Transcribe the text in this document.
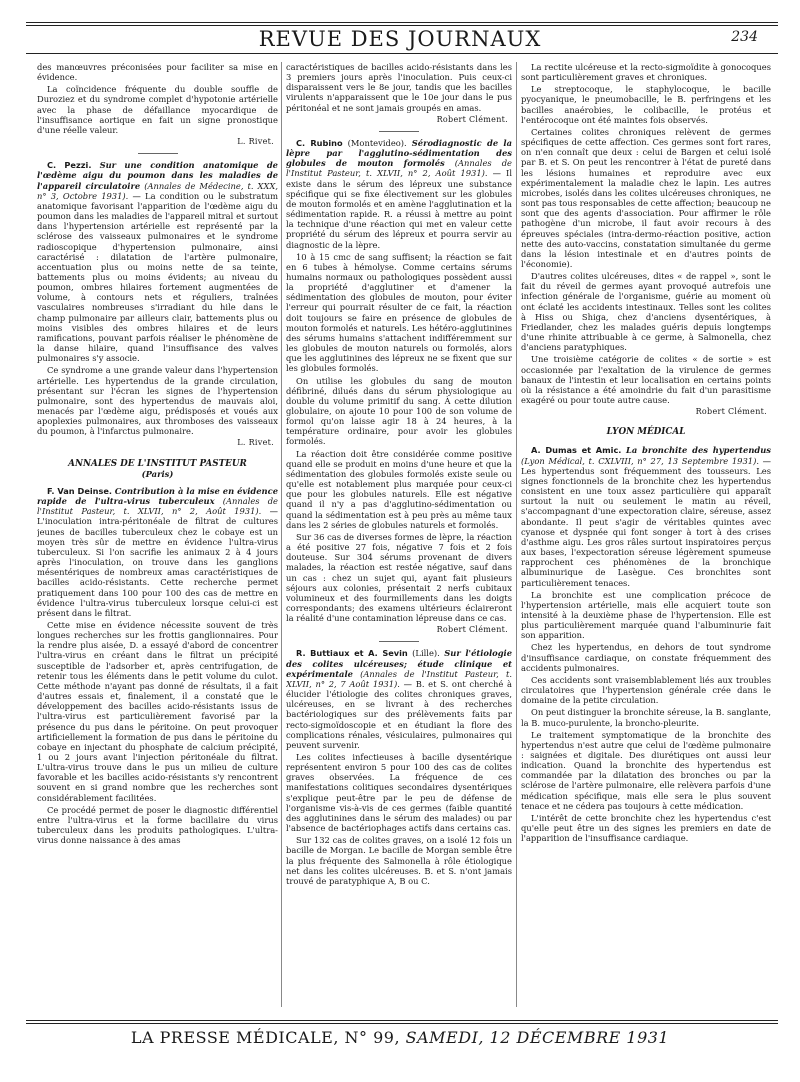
REVUE DES JOURNAUX	234

des manœuvres préconisées pour faciliter sa mise en évidence.

La coïncidence fréquente du double souffle de Duroziez et du syndrome complet d'hypotonie artérielle avec la phase de défaillance myocardique de l'insuffisance aortique en fait un signe pronostique d'une réelle valeur.

L. Rivet.

C. Pezzi. Sur une condition anatomique de l'œdème aigu du poumon dans les maladies de l'appareil circulatoire (Annales de Médecine, t. XXX, n° 3, Octobre 1931). — La condition ou le substratum anatomique favorisant l'apparition de l'œdème aigu du poumon dans les maladies de l'appareil mitral et surtout dans l'hypertension artérielle est représenté par la sclérose des vaisseaux pulmonaires et le syndrome radioscopique d'hypertension pulmonaire, ainsi caractérisé : dilatation de l'artère pulmonaire, accentuation plus ou moins nette de sa teinte, battements plus ou moins évidents; au niveau du poumon, ombres hilaires fortement augmentées de volume, à contours nets et réguliers, traînées vasculaires nombreuses s'irradiant du hile dans le champ pulmonaire par ailleurs clair, battements plus ou moins visibles des ombres hilaires et de leurs ramifications, pouvant parfois réaliser le phénomène de la danse hilaire, quand l'insuffisance des valves pulmonaires s'y associe.

Ce syndrome a une grande valeur dans l'hypertension artérielle. Les hypertendus de la grande circulation, présentant sur l'écran les signes de l'hypertension pulmonaire, sont des hypertendus de mauvais aloi, menacés par l'œdème aigu, prédisposés et voués aux apoplexies pulmonaires, aux thromboses des vaisseaux du poumon, à l'infarctus pulmonaire.

L. Rivet.
ANNALES DE L'INSTITUT PASTEUR
(Paris)

F. Van Deinse. Contribution à la mise en évidence rapide de l'ultra-virus tuberculeux (Annales de l'Institut Pasteur, t. XLVII, n° 2, Août 1931). — L'inoculation intra-péritonéale de filtrat de cultures jeunes de bacilles tuberculeux chez le cobaye est un moyen très sûr de mettre en évidence l'ultra-virus tuberculeux. Si l'on sacrifie les animaux 2 à 4 jours après l'inoculation, on trouve dans les ganglions mésentériques de nombreux amas caractéristiques de bacilles acido-résistants. Cette recherche permet pratiquement dans 100 pour 100 des cas de mettre en évidence l'ultra-virus tuberculeux lorsque celui-ci est présent dans le filtrat.

Cette mise en évidence nécessite souvent de très longues recherches sur les frottis ganglionnaires. Pour la rendre plus aisée, D. a essayé d'abord de concentrer l'ultra-virus en créant dans le filtrat un précipité susceptible de l'adsorber et, après centrifugation, de retenir tous les éléments dans le petit volume du culot. Cette méthode n'ayant pas donné de résultats, il a fait d'autres essais et, finalement, il a constaté que le développement des bacilles acido-résistants issus de l'ultra-virus est particulièrement favorisé par la présence du pus dans le péritoine. On peut provoquer artificiellement la formation de pus dans le péritoine du cobaye en injectant du phosphate de calcium précipité, 1 ou 2 jours avant l'injection péritonéale du filtrat. L'ultra-virus trouve dans le pus un milieu de culture favorable et les bacilles acido-résistants s'y rencontrent souvent en si grand nombre que les recherches sont considérablement facilitées.

Ce procédé permet de poser le diagnostic différentiel entre l'ultra-virus et la forme bacillaire du virus tuberculeux dans les produits pathologiques. L'ultra-virus donne naissance à des amas

caractéristiques de bacilles acido-résistants dans les 3 premiers jours après l'inoculation. Puis ceux-ci disparaissent vers le 8e jour, tandis que les bacilles virulents n'apparaissent que le 10e jour dans le pus péritonéal et ne sont jamais groupés en amas.

Robert Clément.

C. Rubino (Montevideo). Sérodiagnostic de la lèpre par l'agglutino-sédimentation des globules de mouton formolés (Annales de l'Institut Pasteur, t. XLVII, n° 2, Août 1931). — Il existe dans le sérum des lépreux une substance spécifique qui se fixe électivement sur les globules de mouton formolés et en amène l'agglutination et la sédimentation rapide. R. a réussi à mettre au point la technique d'une réaction qui met en valeur cette propriété du sérum des lépreux et pourra servir au diagnostic de la lèpre.

10 à 15 cmc de sang suffisent; la réaction se fait en 6 tubes à hémolyse. Comme certains sérums humains normaux ou pathologiques possèdent aussi la propriété d'agglutiner et d'amener la sédimentation des globules de mouton, pour éviter l'erreur qui pourrait résulter de ce fait, la réaction doit toujours se faire en présence de globules de mouton formolés et naturels. Les hétéro-agglutinines des sérums humains s'attachent indifféremment sur les globules de mouton naturels ou formolés, alors que les agglutinines des lépreux ne se fixent que sur les globules formolés.

On utilise les globules du sang de mouton défibriné, dilués dans du sérum physiologique au double du volume primitif du sang. À cette dilution globulaire, on ajoute 10 pour 100 de son volume de formol qu'on laisse agir 18 à 24 heures, à la température ordinaire, pour avoir les globules formolés.

La réaction doit être considérée comme positive quand elle se produit en moins d'une heure et que la sédimentation des globules formolés existe seule ou qu'elle est notablement plus marquée pour ceux-ci que pour les globules naturels. Elle est négative quand il n'y a pas d'agglutino-sédimentation ou quand la sédimentation est à peu près au même taux dans les 2 séries de globules naturels et formolés.

Sur 36 cas de diverses formes de lèpre, la réaction a été positive 27 fois, négative 7 fois et 2 fois douteuse. Sur 304 sérums provenant de divers malades, la réaction est restée négative, sauf dans un cas : chez un sujet qui, ayant fait plusieurs séjours aux colonies, présentait 2 nerfs cubitaux volumineux et des fourmillements dans les doigts correspondants; des examens ultérieurs éclaireront la réalité d'une contamination lépreuse dans ce cas.

Robert Clément.

R. Buttiaux et A. Sevin (Lille). Sur l'étiologie des colites ulcéreuses; étude clinique et expérimentale (Annales de l'Institut Pasteur, t. XLVII, n° 2, 7 Août 1931). — B. et S. ont cherché à élucider l'étiologie des colites chroniques graves, ulcéreuses, en se livrant à des recherches bactériologiques sur des prélèvements faits par recto-sigmoïdoscopie et en étudiant la flore des complications rénales, vésiculaires, pulmonaires qui peuvent survenir.

Les colites infectieuses à bacille dysentérique représentent environ 5 pour 100 des cas de colites graves observées. La fréquence de ces manifestations colitiques secondaires dysentériques s'explique peut-être par le peu de défense de l'organisme vis-à-vis de ces germes (faible quantité des agglutinines dans le sérum des malades) ou par l'absence de bactériophages actifs dans certains cas.

Sur 132 cas de colites graves, on a isolé 12 fois un bacille de Morgan. Le bacille de Morgan semble être la plus fréquente des Salmonella à rôle étiologique net dans les colites ulcéreuses. B. et S. n'ont jamais trouvé de paratyphique A, B ou C.

La rectite ulcéreuse et la recto-sigmoïdite à gonocoques sont particulièrement graves et chroniques.

Le streptocoque, le staphylocoque, le bacille pyocyanique, le pneumobacille, le B. perfringens et les bacilles anaérobies, le colibacille, le protéus et l'entérocoque ont été maintes fois observés.

Certaines colites chroniques relèvent de germes spécifiques de cette affection. Ces germes sont fort rares, on n'en connaît que deux : celui de Bargen et celui isolé par B. et S. On peut les rencontrer à l'état de pureté dans les lésions humaines et reproduire avec eux expérimentalement la maladie chez le lapin. Les autres microbes, isolés dans les colites ulcéreuses chroniques, ne sont pas tous responsables de cette affection; beaucoup ne sont que des agents d'association. Pour affirmer le rôle pathogène d'un microbe, il faut avoir recours à des épreuves spéciales (intra-dermo-réaction positive, action nette des auto-vaccins, constatation simultanée du germe dans la lésion intestinale et en d'autres points de l'économie).

D'autres colites ulcéreuses, dites « de rappel », sont le fait du réveil de germes ayant provoqué autrefois une infection générale de l'organisme, guérie au moment où ont éclaté les accidents intestinaux. Telles sont les colites à Hiss ou Shiga, chez d'anciens dysentériques, à Friedlander, chez les malades guéris depuis longtemps d'une rhinite attribuable à ce germe, à Salmonella, chez d'anciens paratyphiques.

Une troisième catégorie de colites « de sortie » est occasionnée par l'exaltation de la virulence de germes banaux de l'intestin et leur localisation en certains points où la résistance a été amoindrie du fait d'un parasitisme exagéré ou pour toute autre cause.

Robert Clément.
LYON MÉDICAL

A. Dumas et Amic. La bronchite des hypertendus (Lyon Médical, t. CXLVIII, n° 27, 13 Septembre 1931). — Les hypertendus sont fréquemment des tousseurs. Les signes fonctionnels de la bronchite chez les hypertendus consistent en une toux assez particulière qui apparaît surtout la nuit ou seulement le matin au réveil, s'accompagnant d'une expectoration claire, séreuse, assez abondante. Il peut s'agir de véritables quintes avec cyanose et dyspnée qui font songer à tort à des crises d'asthme aigu. Les gros râles surtout inspiratoires perçus aux bases, l'expectoration séreuse légèrement spumeuse rapprochent ces phénomènes de la bronchique albuminurique de Lasègue. Ces bronchites sont particulièrement tenaces.

La bronchite est une complication précoce de l'hypertension artérielle, mais elle acquiert toute son intensité à la deuxième phase de l'hypertension. Elle est plus particulièrement marquée quand l'albuminurie fait son apparition.

Chez les hypertendus, en dehors de tout syndrome d'insuffisance cardiaque, on constate fréquemment des accidents pulmonaires.

Ces accidents sont vraisemblablement liés aux troubles circulatoires que l'hypertension générale crée dans le domaine de la petite circulation.

On peut distinguer la bronchite séreuse, la B. sanglante, la B. muco-purulente, la broncho-pleurite.

Le traitement symptomatique de la bronchite des hypertendus n'est autre que celui de l'œdème pulmonaire : saignées et digitale. Des diurétiques ont aussi leur indication. Quand la bronchite des hypertendus est commandée par la dilatation des bronches ou par la sclérose de l'artère pulmonaire, elle relèvera parfois d'une médication spécifique, mais elle sera le plus souvent tenace et ne cédera pas toujours à cette médication.

L'intérêt de cette bronchite chez les hypertendus c'est qu'elle peut être un des signes les premiers en date de l'apparition de l'insuffisance cardiaque.

LA PRESSE MÉDICALE, N° 99, SAMEDI, 12 DÉCEMBRE 1931
